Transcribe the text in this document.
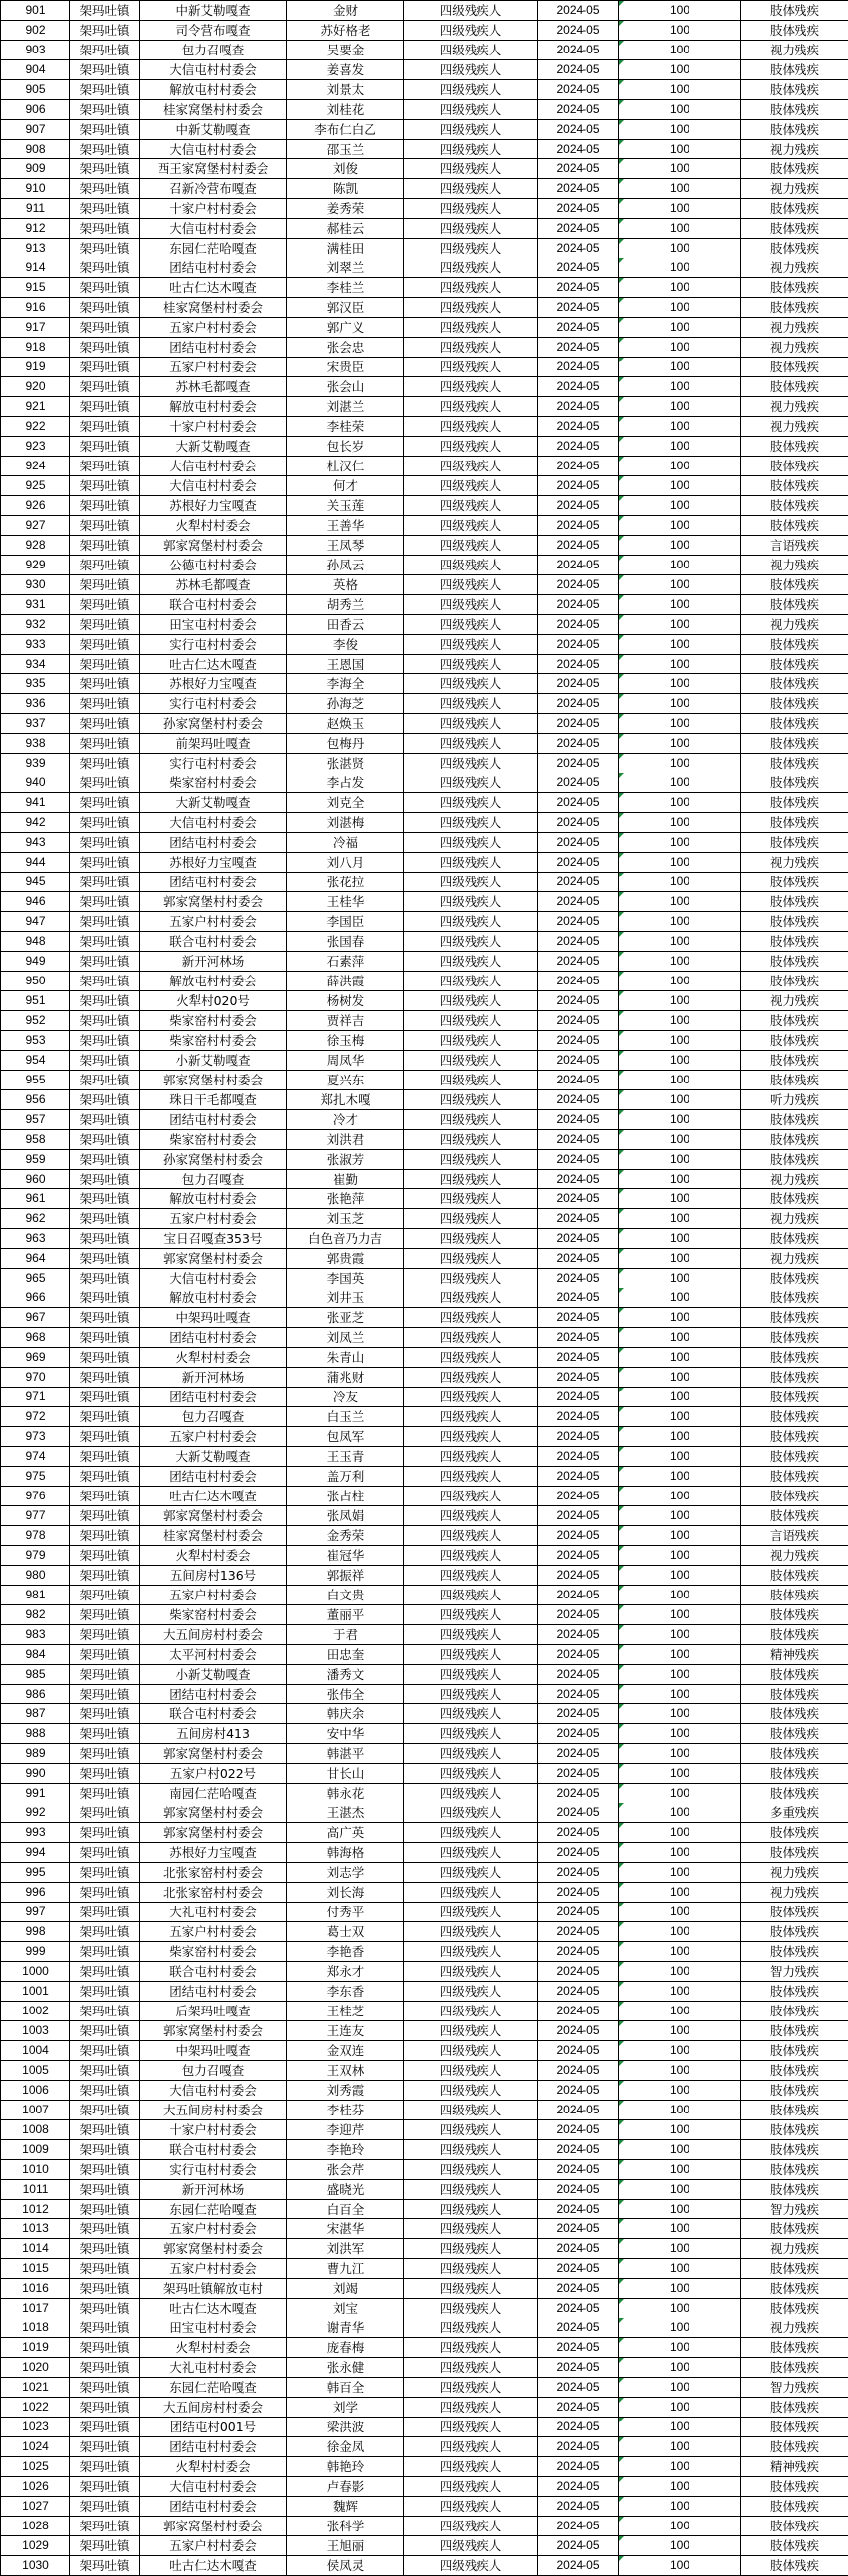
901	架玛吐镇	中新艾勒嘎查	金财	四级残疾人	2024-05	100	肢体残疾
902	架玛吐镇	司令营布嘎查	苏好格老	四级残疾人	2024-05	100	肢体残疾
903	架玛吐镇	包力召嘎查	吴要金	四级残疾人	2024-05	100	视力残疾
904	架玛吐镇	大信屯村村委会	姜喜发	四级残疾人	2024-05	100	肢体残疾
905	架玛吐镇	解放屯村村委会	刘景太	四级残疾人	2024-05	100	肢体残疾
906	架玛吐镇	桂家窝堡村村委会	刘桂花	四级残疾人	2024-05	100	肢体残疾
907	架玛吐镇	中新艾勒嘎查	李布仁白乙	四级残疾人	2024-05	100	肢体残疾
908	架玛吐镇	大信屯村村委会	邵玉兰	四级残疾人	2024-05	100	视力残疾
909	架玛吐镇	西王家窝堡村村委会	刘俊	四级残疾人	2024-05	100	肢体残疾
910	架玛吐镇	召新冷营布嘎查	陈凯	四级残疾人	2024-05	100	视力残疾
911	架玛吐镇	十家户村村委会	姜秀荣	四级残疾人	2024-05	100	肢体残疾
912	架玛吐镇	大信屯村村委会	郝桂云	四级残疾人	2024-05	100	肢体残疾
913	架玛吐镇	东园仁茫哈嘎查	满桂田	四级残疾人	2024-05	100	肢体残疾
914	架玛吐镇	团结屯村村委会	刘翠兰	四级残疾人	2024-05	100	视力残疾
915	架玛吐镇	吐古仁达木嘎查	李桂兰	四级残疾人	2024-05	100	肢体残疾
916	架玛吐镇	桂家窝堡村村委会	郭汉臣	四级残疾人	2024-05	100	肢体残疾
917	架玛吐镇	五家户村村委会	郭广义	四级残疾人	2024-05	100	视力残疾
918	架玛吐镇	团结屯村村委会	张会忠	四级残疾人	2024-05	100	视力残疾
919	架玛吐镇	五家户村村委会	宋贵臣	四级残疾人	2024-05	100	肢体残疾
920	架玛吐镇	苏林毛都嘎查	张会山	四级残疾人	2024-05	100	肢体残疾
921	架玛吐镇	解放屯村村委会	刘湛兰	四级残疾人	2024-05	100	视力残疾
922	架玛吐镇	十家户村村委会	李桂荣	四级残疾人	2024-05	100	视力残疾
923	架玛吐镇	大新艾勒嘎查	包长岁	四级残疾人	2024-05	100	肢体残疾
924	架玛吐镇	大信屯村村委会	杜汉仁	四级残疾人	2024-05	100	肢体残疾
925	架玛吐镇	大信屯村村委会	何才	四级残疾人	2024-05	100	肢体残疾
926	架玛吐镇	苏根好力宝嘎查	关玉莲	四级残疾人	2024-05	100	肢体残疾
927	架玛吐镇	火犁村村委会	王善华	四级残疾人	2024-05	100	肢体残疾
928	架玛吐镇	郭家窝堡村村委会	王凤琴	四级残疾人	2024-05	100	言语残疾
929	架玛吐镇	公德屯村村委会	孙凤云	四级残疾人	2024-05	100	视力残疾
930	架玛吐镇	苏林毛都嘎查	英格	四级残疾人	2024-05	100	肢体残疾
931	架玛吐镇	联合屯村村委会	胡秀兰	四级残疾人	2024-05	100	肢体残疾
932	架玛吐镇	田宝屯村村委会	田香云	四级残疾人	2024-05	100	视力残疾
933	架玛吐镇	实行屯村村委会	李俊	四级残疾人	2024-05	100	肢体残疾
934	架玛吐镇	吐古仁达木嘎查	王恩国	四级残疾人	2024-05	100	肢体残疾
935	架玛吐镇	苏根好力宝嘎查	李海全	四级残疾人	2024-05	100	肢体残疾
936	架玛吐镇	实行屯村村委会	孙海芝	四级残疾人	2024-05	100	肢体残疾
937	架玛吐镇	孙家窝堡村村委会	赵焕玉	四级残疾人	2024-05	100	肢体残疾
938	架玛吐镇	前架玛吐嘎查	包梅丹	四级残疾人	2024-05	100	肢体残疾
939	架玛吐镇	实行屯村村委会	张湛贤	四级残疾人	2024-05	100	肢体残疾
940	架玛吐镇	柴家窑村村委会	李占发	四级残疾人	2024-05	100	肢体残疾
941	架玛吐镇	大新艾勒嘎查	刘克全	四级残疾人	2024-05	100	肢体残疾
942	架玛吐镇	大信屯村村委会	刘湛梅	四级残疾人	2024-05	100	肢体残疾
943	架玛吐镇	团结屯村村委会	冷福	四级残疾人	2024-05	100	肢体残疾
944	架玛吐镇	苏根好力宝嘎查	刘八月	四级残疾人	2024-05	100	视力残疾
945	架玛吐镇	团结屯村村委会	张花拉	四级残疾人	2024-05	100	肢体残疾
946	架玛吐镇	郭家窝堡村村委会	王桂华	四级残疾人	2024-05	100	肢体残疾
947	架玛吐镇	五家户村村委会	李国臣	四级残疾人	2024-05	100	肢体残疾
948	架玛吐镇	联合屯村村委会	张国春	四级残疾人	2024-05	100	肢体残疾
949	架玛吐镇	新开河林场	石素萍	四级残疾人	2024-05	100	肢体残疾
950	架玛吐镇	解放屯村村委会	薛洪霞	四级残疾人	2024-05	100	肢体残疾
951	架玛吐镇	火犁村020号	杨树发	四级残疾人	2024-05	100	视力残疾
952	架玛吐镇	柴家窑村村委会	贾祥吉	四级残疾人	2024-05	100	肢体残疾
953	架玛吐镇	柴家窑村村委会	徐玉梅	四级残疾人	2024-05	100	肢体残疾
954	架玛吐镇	小新艾勒嘎查	周凤华	四级残疾人	2024-05	100	肢体残疾
955	架玛吐镇	郭家窝堡村村委会	夏兴东	四级残疾人	2024-05	100	肢体残疾
956	架玛吐镇	珠日干毛都嘎查	郑扎木嘎	四级残疾人	2024-05	100	听力残疾
957	架玛吐镇	团结屯村村委会	冷才	四级残疾人	2024-05	100	肢体残疾
958	架玛吐镇	柴家窑村村委会	刘洪君	四级残疾人	2024-05	100	肢体残疾
959	架玛吐镇	孙家窝堡村村委会	张淑芳	四级残疾人	2024-05	100	肢体残疾
960	架玛吐镇	包力召嘎查	崔勤	四级残疾人	2024-05	100	视力残疾
961	架玛吐镇	解放屯村村委会	张艳萍	四级残疾人	2024-05	100	肢体残疾
962	架玛吐镇	五家户村村委会	刘玉芝	四级残疾人	2024-05	100	视力残疾
963	架玛吐镇	宝日召嘎查353号	白色音乃力吉	四级残疾人	2024-05	100	肢体残疾
964	架玛吐镇	郭家窝堡村村委会	郭贵霞	四级残疾人	2024-05	100	视力残疾
965	架玛吐镇	大信屯村村委会	李国英	四级残疾人	2024-05	100	肢体残疾
966	架玛吐镇	解放屯村村委会	刘井玉	四级残疾人	2024-05	100	肢体残疾
967	架玛吐镇	中架玛吐嘎查	张亚芝	四级残疾人	2024-05	100	肢体残疾
968	架玛吐镇	团结屯村村委会	刘凤兰	四级残疾人	2024-05	100	肢体残疾
969	架玛吐镇	火犁村村委会	朱青山	四级残疾人	2024-05	100	肢体残疾
970	架玛吐镇	新开河林场	蒲兆财	四级残疾人	2024-05	100	肢体残疾
971	架玛吐镇	团结屯村村委会	冷友	四级残疾人	2024-05	100	肢体残疾
972	架玛吐镇	包力召嘎查	白玉兰	四级残疾人	2024-05	100	肢体残疾
973	架玛吐镇	五家户村村委会	包凤军	四级残疾人	2024-05	100	肢体残疾
974	架玛吐镇	大新艾勒嘎查	王玉青	四级残疾人	2024-05	100	肢体残疾
975	架玛吐镇	团结屯村村委会	盖万利	四级残疾人	2024-05	100	肢体残疾
976	架玛吐镇	吐古仁达木嘎查	张占柱	四级残疾人	2024-05	100	肢体残疾
977	架玛吐镇	郭家窝堡村村委会	张凤娟	四级残疾人	2024-05	100	肢体残疾
978	架玛吐镇	桂家窝堡村村委会	金秀荣	四级残疾人	2024-05	100	言语残疾
979	架玛吐镇	火犁村村委会	崔冠华	四级残疾人	2024-05	100	视力残疾
980	架玛吐镇	五间房村136号	郭振祥	四级残疾人	2024-05	100	肢体残疾
981	架玛吐镇	五家户村村委会	白文贵	四级残疾人	2024-05	100	肢体残疾
982	架玛吐镇	柴家窑村村委会	董丽平	四级残疾人	2024-05	100	肢体残疾
983	架玛吐镇	大五间房村村委会	于君	四级残疾人	2024-05	100	肢体残疾
984	架玛吐镇	太平河村村委会	田忠奎	四级残疾人	2024-05	100	精神残疾
985	架玛吐镇	小新艾勒嘎查	潘秀文	四级残疾人	2024-05	100	肢体残疾
986	架玛吐镇	团结屯村村委会	张伟全	四级残疾人	2024-05	100	肢体残疾
987	架玛吐镇	联合屯村村委会	韩庆余	四级残疾人	2024-05	100	肢体残疾
988	架玛吐镇	五间房村413	安中华	四级残疾人	2024-05	100	肢体残疾
989	架玛吐镇	郭家窝堡村村委会	韩湛平	四级残疾人	2024-05	100	肢体残疾
990	架玛吐镇	五家户村022号	甘长山	四级残疾人	2024-05	100	肢体残疾
991	架玛吐镇	南园仁茫哈嘎查	韩永花	四级残疾人	2024-05	100	肢体残疾
992	架玛吐镇	郭家窝堡村村委会	王湛杰	四级残疾人	2024-05	100	多重残疾
993	架玛吐镇	郭家窝堡村村委会	高广英	四级残疾人	2024-05	100	肢体残疾
994	架玛吐镇	苏根好力宝嘎查	韩海格	四级残疾人	2024-05	100	肢体残疾
995	架玛吐镇	北张家窑村村委会	刘志学	四级残疾人	2024-05	100	视力残疾
996	架玛吐镇	北张家窑村村委会	刘长海	四级残疾人	2024-05	100	视力残疾
997	架玛吐镇	大礼屯村村委会	付秀平	四级残疾人	2024-05	100	肢体残疾
998	架玛吐镇	五家户村村委会	葛士双	四级残疾人	2024-05	100	肢体残疾
999	架玛吐镇	柴家窑村村委会	李艳香	四级残疾人	2024-05	100	肢体残疾
1000	架玛吐镇	联合屯村村委会	郑永才	四级残疾人	2024-05	100	智力残疾
1001	架玛吐镇	团结屯村村委会	李东香	四级残疾人	2024-05	100	肢体残疾
1002	架玛吐镇	后架玛吐嘎查	王桂芝	四级残疾人	2024-05	100	肢体残疾
1003	架玛吐镇	郭家窝堡村村委会	王连友	四级残疾人	2024-05	100	肢体残疾
1004	架玛吐镇	中架玛吐嘎查	金双连	四级残疾人	2024-05	100	肢体残疾
1005	架玛吐镇	包力召嘎查	王双林	四级残疾人	2024-05	100	肢体残疾
1006	架玛吐镇	大信屯村村委会	刘秀霞	四级残疾人	2024-05	100	肢体残疾
1007	架玛吐镇	大五间房村村委会	李桂芬	四级残疾人	2024-05	100	肢体残疾
1008	架玛吐镇	十家户村村委会	李迎芹	四级残疾人	2024-05	100	肢体残疾
1009	架玛吐镇	联合屯村村委会	李艳玲	四级残疾人	2024-05	100	肢体残疾
1010	架玛吐镇	实行屯村村委会	张会芹	四级残疾人	2024-05	100	肢体残疾
1011	架玛吐镇	新开河林场	盛晓光	四级残疾人	2024-05	100	肢体残疾
1012	架玛吐镇	东园仁茫哈嘎查	白百全	四级残疾人	2024-05	100	智力残疾
1013	架玛吐镇	五家户村村委会	宋湛华	四级残疾人	2024-05	100	肢体残疾
1014	架玛吐镇	郭家窝堡村村委会	刘洪军	四级残疾人	2024-05	100	视力残疾
1015	架玛吐镇	五家户村村委会	曹九江	四级残疾人	2024-05	100	肢体残疾
1016	架玛吐镇	架玛吐镇解放屯村	刘竭	四级残疾人	2024-05	100	肢体残疾
1017	架玛吐镇	吐古仁达木嘎查	刘宝	四级残疾人	2024-05	100	肢体残疾
1018	架玛吐镇	田宝屯村村委会	谢青华	四级残疾人	2024-05	100	视力残疾
1019	架玛吐镇	火犁村村委会	庞春梅	四级残疾人	2024-05	100	肢体残疾
1020	架玛吐镇	大礼屯村村委会	张永健	四级残疾人	2024-05	100	肢体残疾
1021	架玛吐镇	东园仁茫哈嘎查	韩百全	四级残疾人	2024-05	100	智力残疾
1022	架玛吐镇	大五间房村村委会	刘学	四级残疾人	2024-05	100	肢体残疾
1023	架玛吐镇	团结屯村001号	梁洪波	四级残疾人	2024-05	100	肢体残疾
1024	架玛吐镇	团结屯村村委会	徐金凤	四级残疾人	2024-05	100	肢体残疾
1025	架玛吐镇	火犁村村委会	韩艳玲	四级残疾人	2024-05	100	精神残疾
1026	架玛吐镇	大信屯村村委会	卢春影	四级残疾人	2024-05	100	肢体残疾
1027	架玛吐镇	团结屯村村委会	魏辉	四级残疾人	2024-05	100	肢体残疾
1028	架玛吐镇	郭家窝堡村村委会	张科学	四级残疾人	2024-05	100	肢体残疾
1029	架玛吐镇	五家户村村委会	王旭丽	四级残疾人	2024-05	100	肢体残疾
1030	架玛吐镇	吐古仁达木嘎查	侯凤灵	四级残疾人	2024-05	100	肢体残疾
